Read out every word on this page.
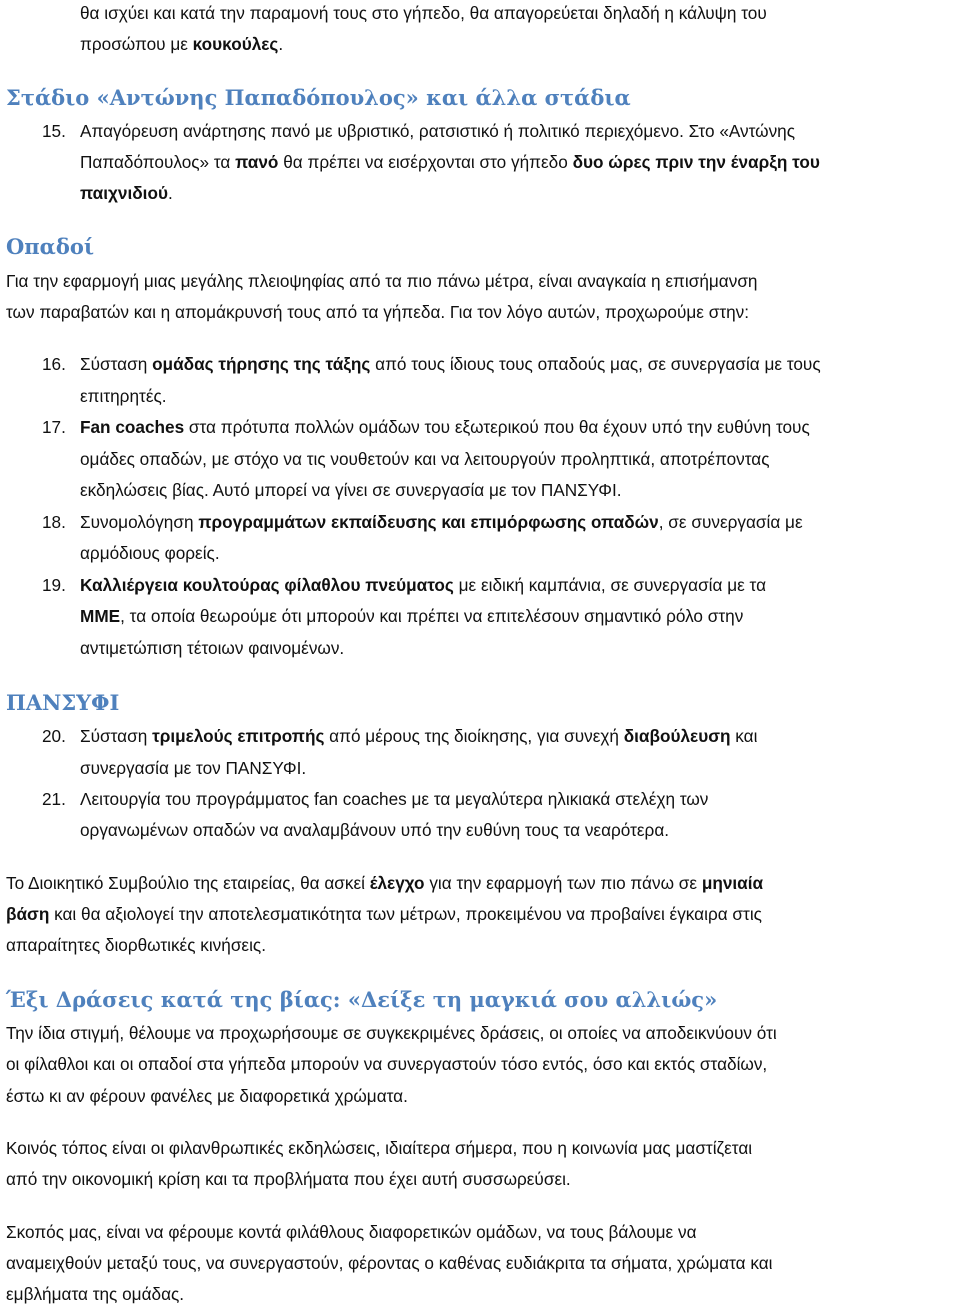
θα ισχύει και κατά την παραμονή τους στο γήπεδο, θα απαγορεύεται δηλαδή η κάλυψη του
προσώπου με κουκούλες.
Στάδιο «Αντώνης Παπαδόπουλος» και άλλα στάδια
15. Απαγόρευση ανάρτησης πανό με υβριστικό, ρατσιστικό ή πολιτικό περιεχόμενο. Στο «Αντώνης
Παπαδόπουλος» τα πανό θα πρέπει να εισέρχονται στο γήπεδο δυο ώρες πριν την έναρξη του
παιχνιδιού.
Οπαδοί
Για την εφαρμογή μιας μεγάλης πλειοψηφίας από τα πιο πάνω μέτρα, είναι αναγκαία η επισήμανση
των παραβατών και η απομάκρυνσή τους από τα γήπεδα. Για τον λόγο αυτών, προχωρούμε στην:
16. Σύσταση ομάδας τήρησης της τάξης από τους ίδιους τους οπαδούς μας, σε συνεργασία με τους
επιτηρητές.
17. Fan coaches στα πρότυπα πολλών ομάδων του εξωτερικού που θα έχουν υπό την ευθύνη τους
ομάδες οπαδών, με στόχο να τις νουθετούν και να λειτουργούν προληπτικά, αποτρέποντας
εκδηλώσεις βίας. Αυτό μπορεί να γίνει σε συνεργασία με τον ΠΑΝΣΥΦΙ.
18. Συνομολόγηση προγραμμάτων εκπαίδευσης και επιμόρφωσης οπαδών, σε συνεργασία με
αρμόδιους φορείς.
19. Καλλιέργεια κουλτούρας φίλαθλου πνεύματος με ειδική καμπάνια, σε συνεργασία με τα
ΜΜΕ, τα οποία θεωρούμε ότι μπορούν και πρέπει να επιτελέσουν σημαντικό ρόλο στην
αντιμετώπιση τέτοιων φαινομένων.
ΠΑΝΣΥΦΙ
20. Σύσταση τριμελούς επιτροπής από μέρους της διοίκησης, για συνεχή διαβούλευση και
συνεργασία με τον ΠΑΝΣΥΦΙ.
21. Λειτουργία του προγράμματος fan coaches με τα μεγαλύτερα ηλικιακά στελέχη των
οργανωμένων οπαδών να αναλαμβάνουν υπό την ευθύνη τους τα νεαρότερα.
Το Διοικητικό Συμβούλιο της εταιρείας, θα ασκεί έλεγχο για την εφαρμογή των πιο πάνω σε μηνιαία
βάση και θα αξιολογεί την αποτελεσματικότητα των μέτρων, προκειμένου να προβαίνει έγκαιρα στις
απαραίτητες διορθωτικές κινήσεις.
Έξι Δράσεις κατά της βίας: «Δείξε τη μαγκιά σου αλλιώς»
Την ίδια στιγμή, θέλουμε να προχωρήσουμε σε συγκεκριμένες δράσεις, οι οποίες να αποδεικνύουν ότι
οι φίλαθλοι και οι οπαδοί στα γήπεδα μπορούν να συνεργαστούν τόσο εντός, όσο και εκτός σταδίων,
έστω κι αν φέρουν φανέλες με διαφορετικά χρώματα.
Κοινός τόπος είναι οι φιλανθρωπικές εκδηλώσεις, ιδιαίτερα σήμερα, που η κοινωνία μας μαστίζεται
από την οικονομική κρίση και τα προβλήματα που έχει αυτή συσσωρεύσει.
Σκοπός μας, είναι να φέρουμε κοντά φιλάθλους διαφορετικών ομάδων, να τους βάλουμε να
αναμειχθούν μεταξύ τους, να συνεργαστούν, φέροντας ο καθένας ευδιάκριτα τα σήματα, χρώματα και
εμβλήματα της ομάδας.
